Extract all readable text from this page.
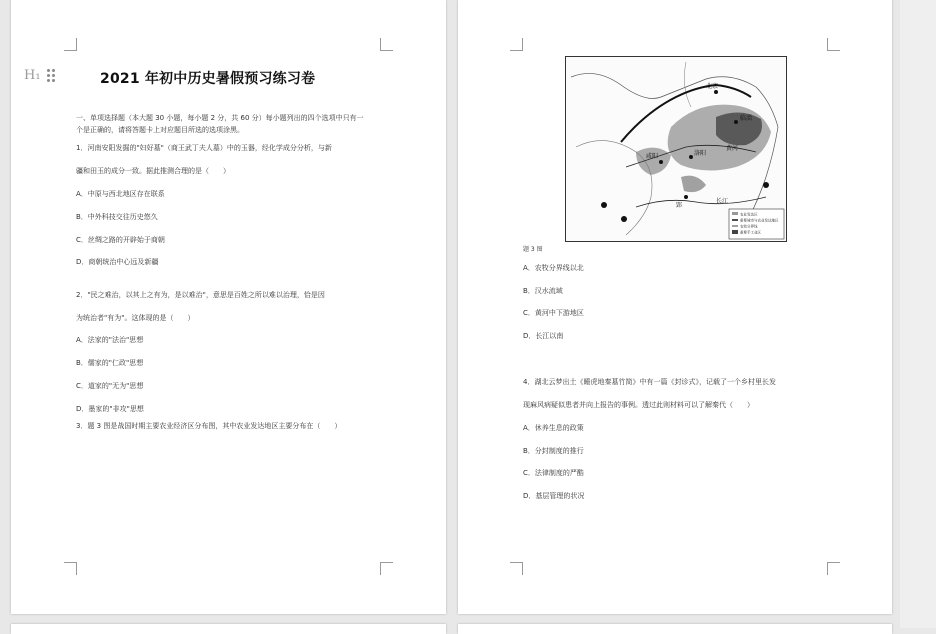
H₁	2021 年初中历史暑假预习练习卷
一、单项选择题（本大题 30 小题，每小题 2 分，共 60 分）每小题列出的四个选项中只有一
个是正确的，请将答题卡上对应题目所选的选项涂黑。
1．河南安阳发掘的"妇好墓"（商王武丁夫人墓）中的玉器，经化学成分分析，与新
疆和田玉的成分一致。据此推测合理的是（　　）
A．中原与西北地区存在联系
B．中外科技交往历史悠久
C．丝绸之路的开辟始于商朝
D．商朝统治中心远及新疆
2．"民之难治，以其上之有为，是以难治"，意思是百姓之所以难以治理，恰是因
为统治者"有为"。这体现的是（　　）
A．法家的"法治"思想
B．儒家的"仁政"思想
C．道家的"无为"思想
D．墨家的"非攻"思想
3．题 3 图是战国时期主要农业经济区分布图，其中农业发达地区主要分布在（　　）
北京
临淄
咸阳	洛阳
郢
长江
黄河
农业发达区
重要城市与农业发达地区
农牧分界线
重要手工业区
题 3 图
A．农牧分界线以北
B．汉水流域
C．黄河中下游地区
D．长江以南
4．湖北云梦出土《睡虎地秦墓竹简》中有一篇《封诊式》，记载了一个乡村里长发
现麻风病疑似患者并向上报告的事例。透过此则材料可以了解秦代（　　）
A．休养生息的政策
B．分封制度的推行
C．法律制度的严酷
D．基层管理的状况
